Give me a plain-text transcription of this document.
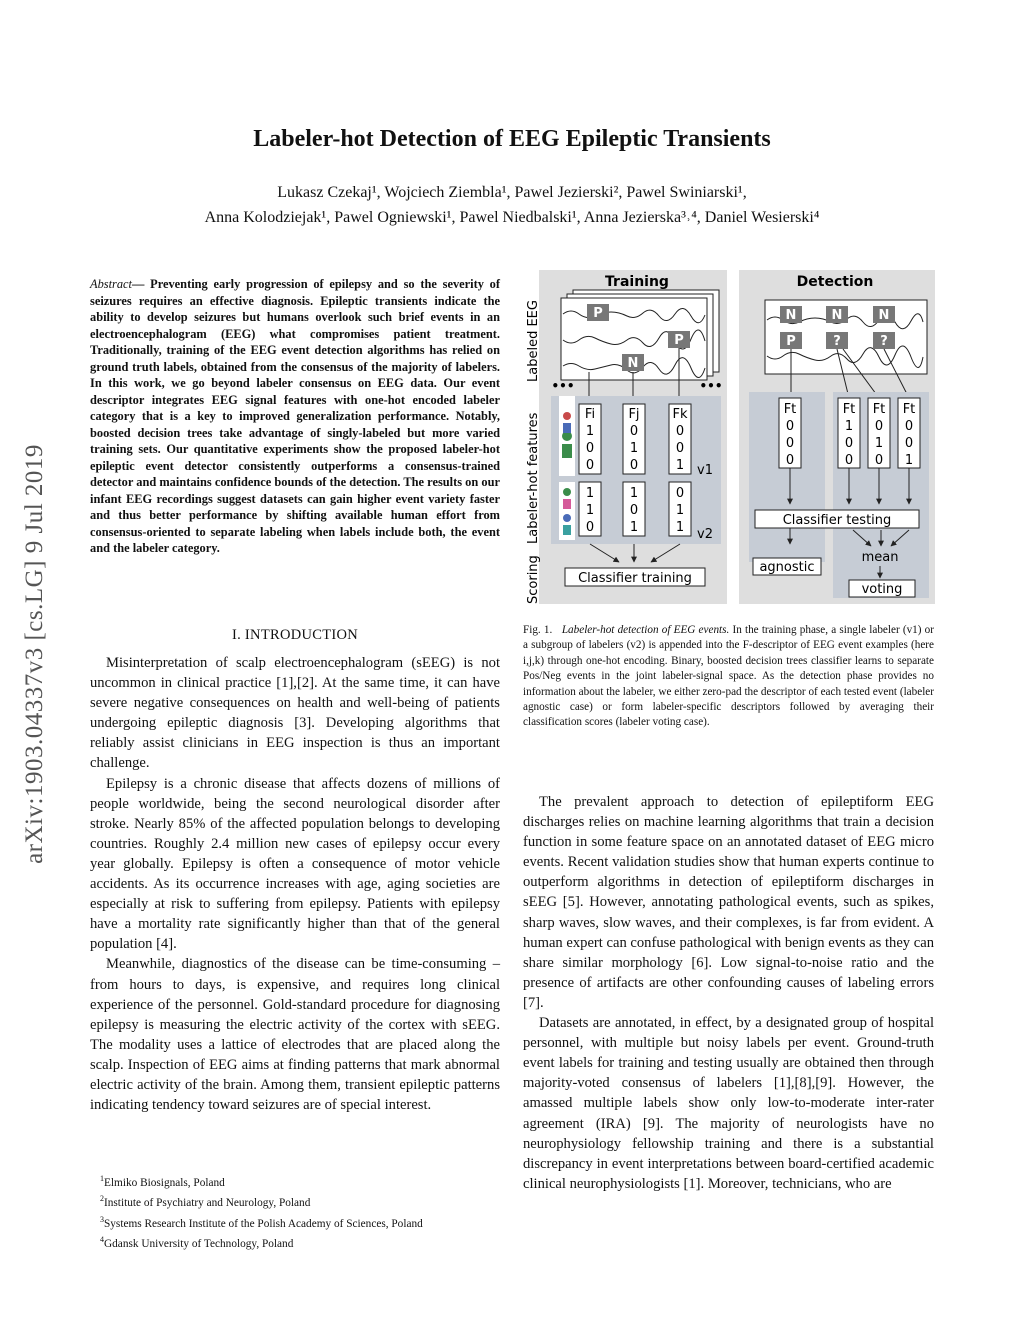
arXiv:1903.04337v3 [cs.LG] 9 Jul 2019
Labeler-hot Detection of EEG Epileptic Transients
Lukasz Czekaj¹, Wojciech Ziembla¹, Pawel Jezierski², Pawel Swiniarski¹,
Anna Kolodziejak¹, Pawel Ogniewski¹, Pawel Niedbalski¹, Anna Jezierska³˒⁴, Daniel Wesierski⁴
Abstract— Preventing early progression of epilepsy and so the severity of seizures requires an effective diagnosis. Epileptic transients indicate the ability to develop seizures but humans overlook such brief events in an electroencephalogram (EEG) what compromises patient treatment. Traditionally, training of the EEG event detection algorithms has relied on ground truth labels, obtained from the consensus of the majority of labelers. In this work, we go beyond labeler consensus on EEG data. Our event descriptor integrates EEG signal features with one-hot encoded labeler category that is a key to improved generalization performance. Notably, boosted decision trees take advantage of singly-labeled but more varied training sets. Our quantitative experiments show the proposed labeler-hot epileptic event detector consistently outperforms a consensus-trained detector and maintains confidence bounds of the detection. The results on our infant EEG recordings suggest datasets can gain higher event variety faster and thus better performance by shifting available human effort from consensus-oriented to separate labeling when labels include both, the event and the labeler category.
I. INTRODUCTION

Misinterpretation of scalp electroencephalogram (sEEG) is not uncommon in clinical practice [1],[2]. At the same time, it can have severe negative consequences on health and well-being of patients undergoing epileptic diagnosis [3]. Developing algorithms that reliably assist clinicians in EEG inspection is thus an important challenge.

Epilepsy is a chronic disease that affects dozens of millions of people worldwide, being the second neurological disorder after stroke. Nearly 85% of the affected population belongs to developing countries. Roughly 2.4 million new cases of epilepsy occur every year globally. Epilepsy is often a consequence of motor vehicle accidents. As its occurrence increases with age, aging societies are especially at risk to suffering from epilepsy. Patients with epilepsy have a mortality rate significantly higher than that of the general population [4].

Meanwhile, diagnostics of the disease can be time-consuming – from hours to days, is expensive, and requires long clinical experience of the personnel. Gold-standard procedure for diagnosing epilepsy is measuring the electric activity of the cortex with sEEG. The modality uses a lattice of electrodes that are placed along the scalp. Inspection of EEG aims at finding patterns that mark abnormal electric activity of the brain. Among them, transient epileptic patterns indicating tendency toward seizures are of special interest.

$^1$Elmiko Biosignals, Poland
$^2$Institute of Psychiatry and Neurology, Poland
$^3$Systems Research Institute of the Polish Academy of Sciences, Poland
$^4$Gdansk University of Technology, Poland

The prevalent approach to detection of epileptiform EEG discharges relies on machine learning algorithms that train a decision function in some feature space on an annotated dataset of EEG micro events. Recent validation studies show that human experts continue to outperform algorithms in detection of epileptiform discharges in sEEG [5]. However, annotating pathological events, such as spikes, sharp waves, slow waves, and their complexes, is far from evident. A human expert can confuse pathological with benign events as they can share similar morphology [6]. Low signal-to-noise ratio and the presence of artifacts are other confounding causes of labeling errors [7].

Datasets are annotated, in effect, by a designated group of hospital personnel, with multiple but noisy labels per event. Ground-truth event labels for training and testing usually are obtained then through majority-voted consensus of labelers [1],[8],[9]. However, the amassed multiple labels show only low-to-moderate inter-rater agreement (IRA) [9]. The majority of neurologists have no neurophysiology fellowship training and there is a substantial discrepancy in event interpretations between board-certified academic clinical neurophysiologists [1]. Moreover, technicians, who are

Fig. 1. Labeler-hot detection of EEG events. In the training phase, a single labeler (v1) or a subgroup of labelers (v2) is appended into the F-descriptor of EEG event examples (here i,j,k) through one-hot encoding. Binary, boosted decision trees classifier learns to separate Pos/Neg events in the joint labeler-signal space. As the detection phase provides no information about the labeler, we either zero-pad the descriptor of each tested event (labeler agnostic case) or form labeler-specific descriptors followed by averaging their classification scores (labeler voting case).
Training	Detection
Labeled EEG
Labeler-hot features
Scoring
P
P
N
•••	•••
Fi
1
0
0
Fj
0
1
0
Fk
0
0
1 v1
1
1
0
1
0
1
0
1
1 v2
Classifier training
N	N	N
P	?	?
Ft
0
0
0
agnostic
Ft
1
0
0
Ft
0
1
0
Ft
0
0
1
Classifier testing
mean
voting
